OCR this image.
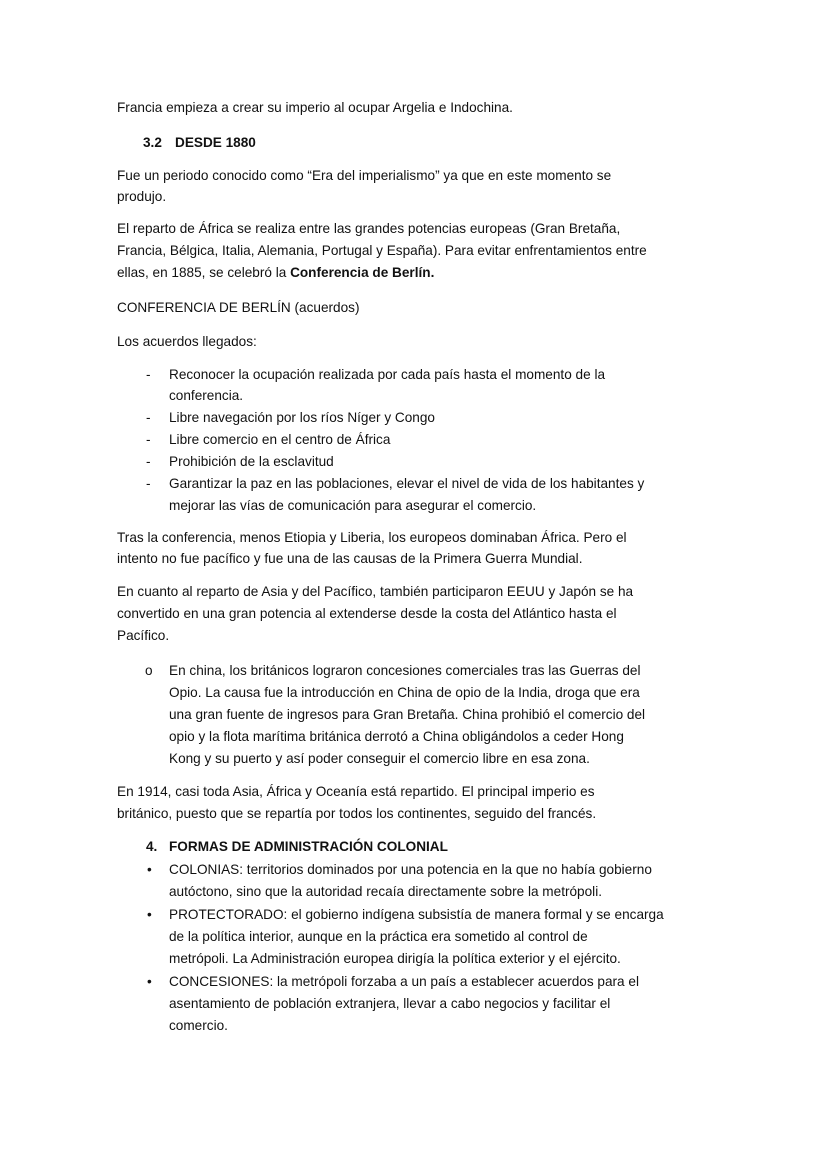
Francia empieza a crear su imperio al ocupar Argelia e Indochina.
3.2 DESDE 1880
Fue un periodo conocido como “Era del imperialismo” ya que en este momento se
produjo.
El reparto de África se realiza entre las grandes potencias europeas (Gran Bretaña,
Francia, Bélgica, Italia, Alemania, Portugal y España). Para evitar enfrentamientos entre
ellas, en 1885, se celebró la Conferencia de Berlín.
CONFERENCIA DE BERLÍN (acuerdos)
Los acuerdos llegados:
- Reconocer la ocupación realizada por cada país hasta el momento de la
conferencia.
- Libre navegación por los ríos Níger y Congo
- Libre comercio en el centro de África
- Prohibición de la esclavitud
- Garantizar la paz en las poblaciones, elevar el nivel de vida de los habitantes y
mejorar las vías de comunicación para asegurar el comercio.
Tras la conferencia, menos Etiopia y Liberia, los europeos dominaban África. Pero el
intento no fue pacífico y fue una de las causas de la Primera Guerra Mundial.
En cuanto al reparto de Asia y del Pacífico, también participaron EEUU y Japón se ha
convertido en una gran potencia al extenderse desde la costa del Atlántico hasta el
Pacífico.
o En china, los británicos lograron concesiones comerciales tras las Guerras del
Opio. La causa fue la introducción en China de opio de la India, droga que era
una gran fuente de ingresos para Gran Bretaña. China prohibió el comercio del
opio y la flota marítima británica derrotó a China obligándolos a ceder Hong
Kong y su puerto y así poder conseguir el comercio libre en esa zona.
En 1914, casi toda Asia, África y Oceanía está repartido. El principal imperio es
británico, puesto que se repartía por todos los continentes, seguido del francés.
4. FORMAS DE ADMINISTRACIÓN COLONIAL
• COLONIAS: territorios dominados por una potencia en la que no había gobierno
autóctono, sino que la autoridad recaía directamente sobre la metrópoli.
• PROTECTORADO: el gobierno indígena subsistía de manera formal y se encarga
de la política interior, aunque en la práctica era sometido al control de
metrópoli. La Administración europea dirigía la política exterior y el ejército.
• CONCESIONES: la metrópoli forzaba a un país a establecer acuerdos para el
asentamiento de población extranjera, llevar a cabo negocios y facilitar el
comercio.
